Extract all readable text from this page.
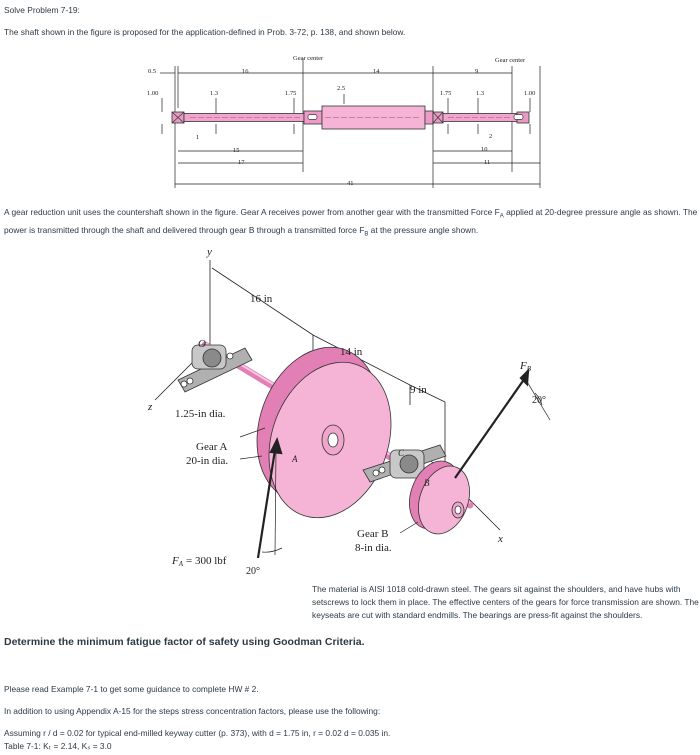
Solve Problem 7-19:
The shaft shown in the figure is proposed for the application-defined in Prob. 3-72, p. 138, and shown below.
Gear center	Gear center
0.5	16	14	9
1.00	1.3	1.75
2.5
1.75	1.3	1.00
1
15
17
41
2
10
11
A gear reduction unit uses the countershaft shown in the figure. Gear A receives power from another gear with the transmitted Force $F_A$ applied at 20-degree pressure angle as shown. The power is transmitted through the shaft and delivered through gear B through a transmitted force $F_B$ at the pressure angle shown.
y
O
z
x
16 in
14 in
9 in
1.25-in dia.
Gear A
20-in dia.	A
C
B
Gear B
8-in dia.
20°
20°
FB
FA = 300 lbf
The material is AISI 1018 cold-drawn steel. The gears sit against the shoulders, and have hubs with setscrews to lock them in place. The effective centers of the gears for force transmission are shown. The keyseats are cut with standard endmills. The bearings are press-fit against the shoulders.
Determine the minimum fatigue factor of safety using Goodman Criteria.
Please read Example 7-1 to get some guidance to complete HW # 2.
In addition to using Appendix A-15 for the steps stress concentration factors, please use the following:
Assuming r / d = 0.02 for typical end-milled keyway cutter (p. 373), with d = 1.75 in, r = 0.02 d = 0.035 in.
Table 7-1: Kₜ = 2.14, Kₛ = 3.0
